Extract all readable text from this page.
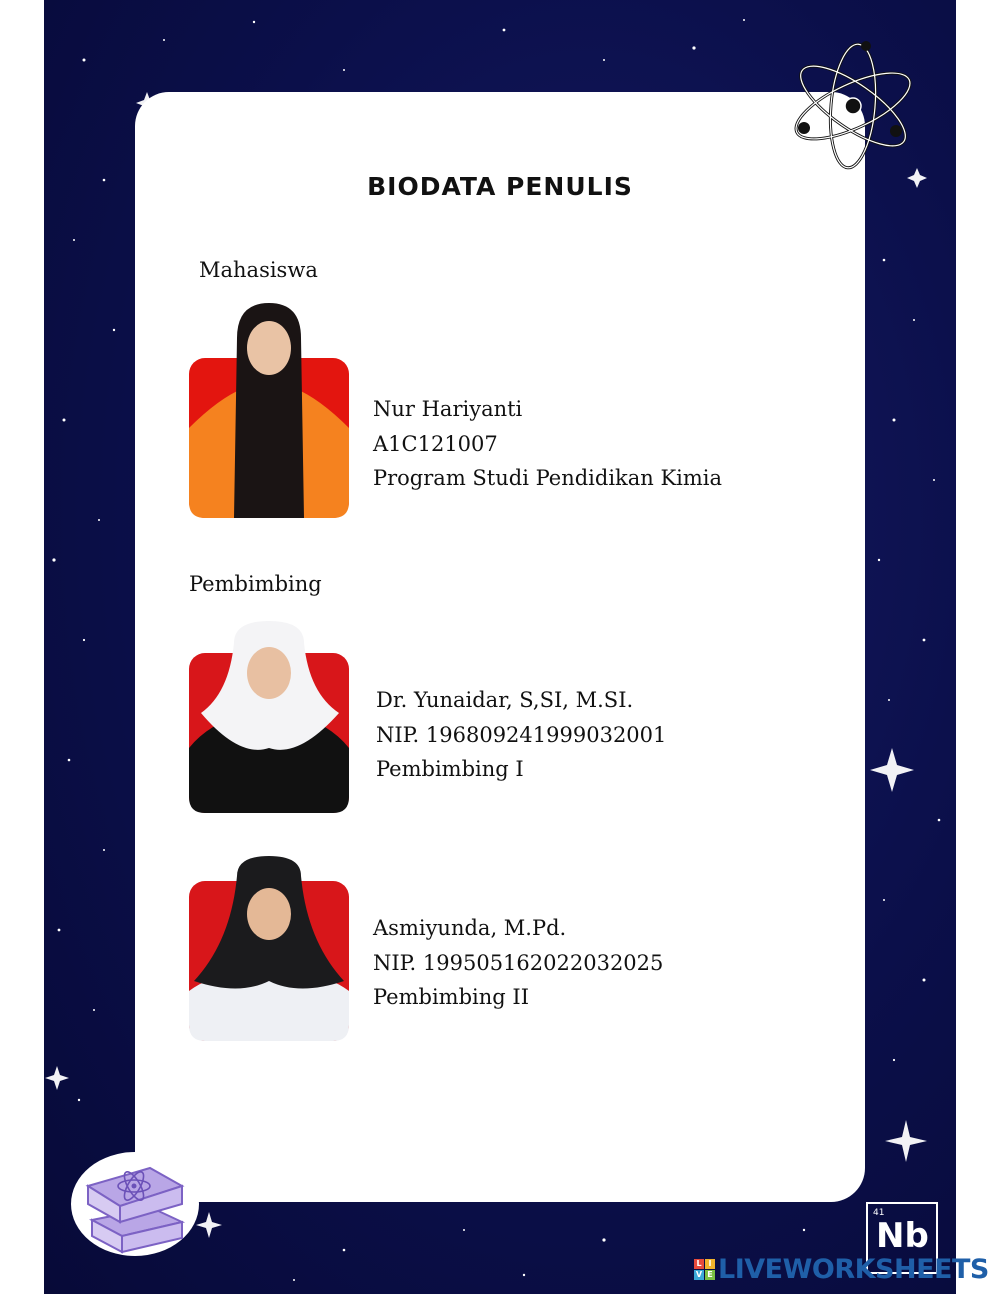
BIODATA PENULIS
Mahasiswa
Nur Hariyanti
A1C121007
Program Studi Pendidikan Kimia
Pembimbing
Dr. Yunaidar, S,SI, M.SI.
NIP. 196809241999032001
Pembimbing I
Asmiyunda, M.Pd.
NIP. 199505162022032025
Pembimbing II
41
Nb
L I
V E LIVEWORKSHEETS
